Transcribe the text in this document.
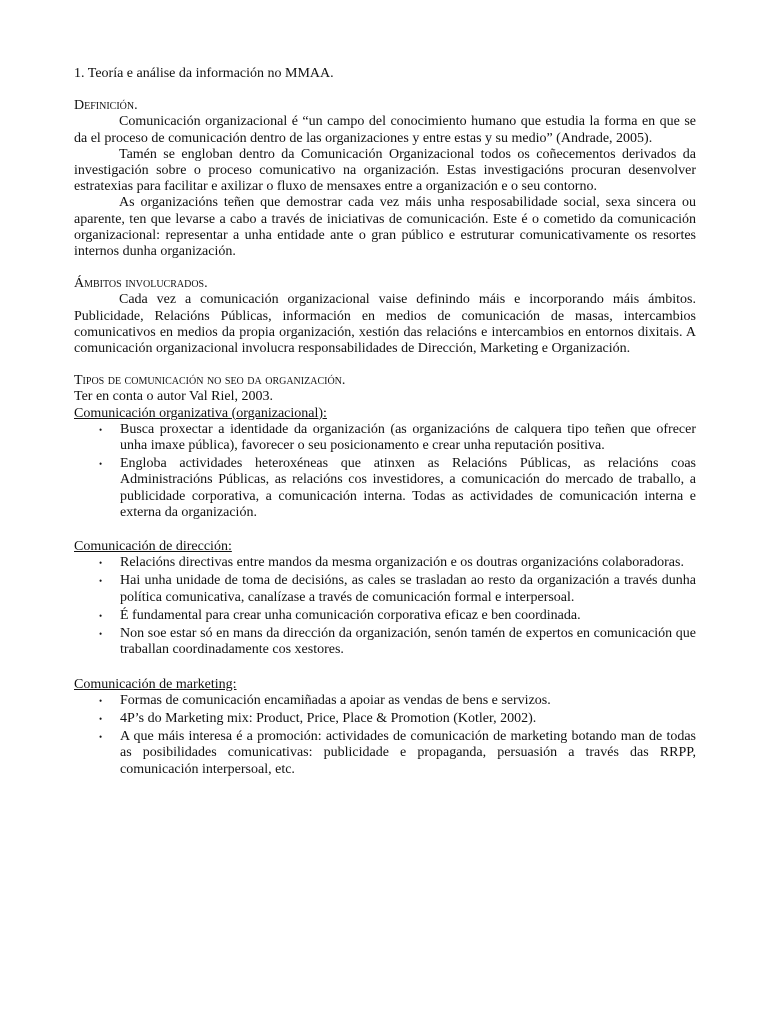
1. Teoría e análise da información no MMAA.
Definición.

Comunicación organizacional é “un campo del conocimiento humano que estudia la forma en que se da el proceso de comunicación dentro de las organizaciones y entre estas y su medio” (Andrade, 2005).

Tamén se engloban dentro da Comunicación Organizacional todos os coñecementos derivados da investigación sobre o proceso comunicativo na organización. Estas investigacións procuran desenvolver estratexias para facilitar e axilizar o fluxo de mensaxes entre a organización e o seu contorno.

As organizacións teñen que demostrar cada vez máis unha resposabilidade social, sexa sincera ou aparente, ten que levarse a cabo a través de iniciativas de comunicación. Este é o cometido da comunicación organizacional: representar a unha entidade ante o gran público e estruturar comunicativamente os resortes internos dunha organización.

Ámbitos involucrados.

Cada vez a comunicación organizacional vaise definindo máis e incorporando máis ámbitos. Publicidade, Relacións Públicas, información en medios de comunicación de masas, intercambios comunicativos en medios da propia organización, xestión das relacións e intercambios en entornos dixitais. A comunicación organizacional involucra responsabilidades de Dirección, Marketing e Organización.

Tipos de comunicación no seo da organización.

Ter en conta o autor Val Riel, 2003.

Comunicación organizativa (organizacional):

• Busca proxectar a identidade da organización (as organizacións de calquera tipo teñen que ofrecer unha imaxe pública), favorecer o seu posicionamento e crear unha reputación positiva.
• Engloba actividades heteroxéneas que atinxen as Relacións Públicas, as relacións coas Administracións Públicas, as relacións cos investidores, a comunicación do mercado de traballo, a publicidade corporativa, a comunicación interna. Todas as actividades de comunicación interna e externa da organización.

Comunicación de dirección:

• Relacións directivas entre mandos da mesma organización e os doutras organizacións colaboradoras.
• Hai unha unidade de toma de decisións, as cales se trasladan ao resto da organización a través dunha política comunicativa, canalízase a través de comunicación formal e interpersoal.
• É fundamental para crear unha comunicación corporativa eficaz e ben coordinada.
• Non soe estar só en mans da dirección da organización, senón tamén de expertos en comunicación que traballan coordinadamente cos xestores.

Comunicación de marketing:

• Formas de comunicación encamiñadas a apoiar as vendas de bens e servizos.
• 4P’s do Marketing mix: Product, Price, Place & Promotion (Kotler, 2002).
• A que máis interesa é a promoción: actividades de comunicación de marketing botando man de todas as posibilidades comunicativas: publicidade e propaganda, persuasión a través das RRPP, comunicación interpersoal, etc.
